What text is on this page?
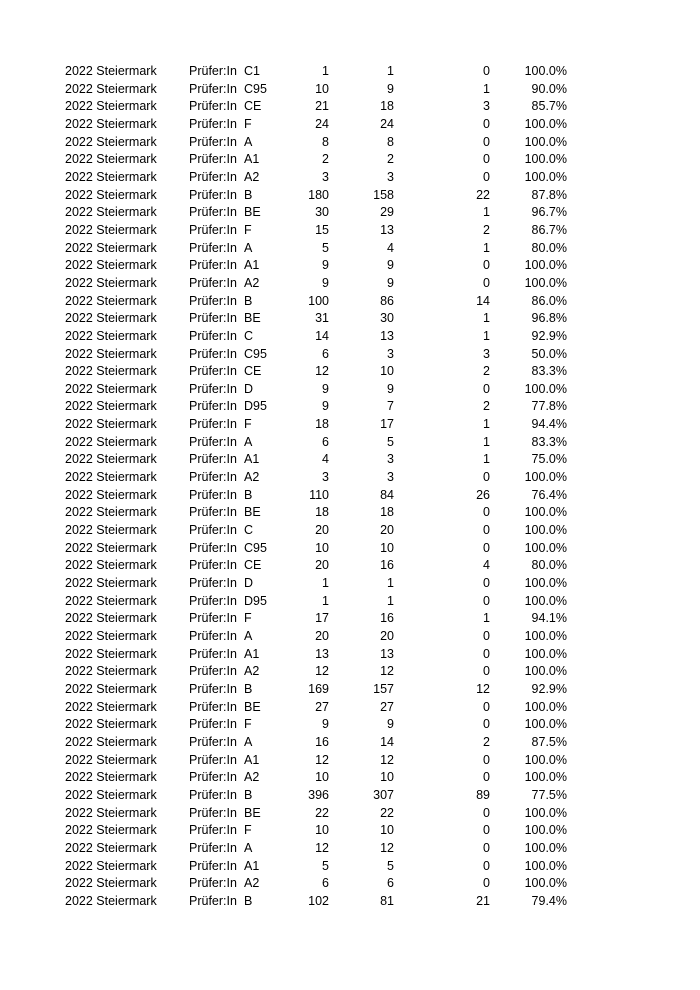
2022 Steiermark	Prüfer:In C1	1	1	0	100.0%
2022 Steiermark	Prüfer:In C95	10	9	1	90.0%
2022 Steiermark	Prüfer:In CE	21	18	3	85.7%
2022 Steiermark	Prüfer:In F	24	24	0	100.0%
2022 Steiermark	Prüfer:In A	8	8	0	100.0%
2022 Steiermark	Prüfer:In A1	2	2	0	100.0%
2022 Steiermark	Prüfer:In A2	3	3	0	100.0%
2022 Steiermark	Prüfer:In B	180	158	22	87.8%
2022 Steiermark	Prüfer:In BE	30	29	1	96.7%
2022 Steiermark	Prüfer:In F	15	13	2	86.7%
2022 Steiermark	Prüfer:In A	5	4	1	80.0%
2022 Steiermark	Prüfer:In A1	9	9	0	100.0%
2022 Steiermark	Prüfer:In A2	9	9	0	100.0%
2022 Steiermark	Prüfer:In B	100	86	14	86.0%
2022 Steiermark	Prüfer:In BE	31	30	1	96.8%
2022 Steiermark	Prüfer:In C	14	13	1	92.9%
2022 Steiermark	Prüfer:In C95	6	3	3	50.0%
2022 Steiermark	Prüfer:In CE	12	10	2	83.3%
2022 Steiermark	Prüfer:In D	9	9	0	100.0%
2022 Steiermark	Prüfer:In D95	9	7	2	77.8%
2022 Steiermark	Prüfer:In F	18	17	1	94.4%
2022 Steiermark	Prüfer:In A	6	5	1	83.3%
2022 Steiermark	Prüfer:In A1	4	3	1	75.0%
2022 Steiermark	Prüfer:In A2	3	3	0	100.0%
2022 Steiermark	Prüfer:In B	110	84	26	76.4%
2022 Steiermark	Prüfer:In BE	18	18	0	100.0%
2022 Steiermark	Prüfer:In C	20	20	0	100.0%
2022 Steiermark	Prüfer:In C95	10	10	0	100.0%
2022 Steiermark	Prüfer:In CE	20	16	4	80.0%
2022 Steiermark	Prüfer:In D	1	1	0	100.0%
2022 Steiermark	Prüfer:In D95	1	1	0	100.0%
2022 Steiermark	Prüfer:In F	17	16	1	94.1%
2022 Steiermark	Prüfer:In A	20	20	0	100.0%
2022 Steiermark	Prüfer:In A1	13	13	0	100.0%
2022 Steiermark	Prüfer:In A2	12	12	0	100.0%
2022 Steiermark	Prüfer:In B	169	157	12	92.9%
2022 Steiermark	Prüfer:In BE	27	27	0	100.0%
2022 Steiermark	Prüfer:In F	9	9	0	100.0%
2022 Steiermark	Prüfer:In A	16	14	2	87.5%
2022 Steiermark	Prüfer:In A1	12	12	0	100.0%
2022 Steiermark	Prüfer:In A2	10	10	0	100.0%
2022 Steiermark	Prüfer:In B	396	307	89	77.5%
2022 Steiermark	Prüfer:In BE	22	22	0	100.0%
2022 Steiermark	Prüfer:In F	10	10	0	100.0%
2022 Steiermark	Prüfer:In A	12	12	0	100.0%
2022 Steiermark	Prüfer:In A1	5	5	0	100.0%
2022 Steiermark	Prüfer:In A2	6	6	0	100.0%
2022 Steiermark	Prüfer:In B	102	81	21	79.4%
